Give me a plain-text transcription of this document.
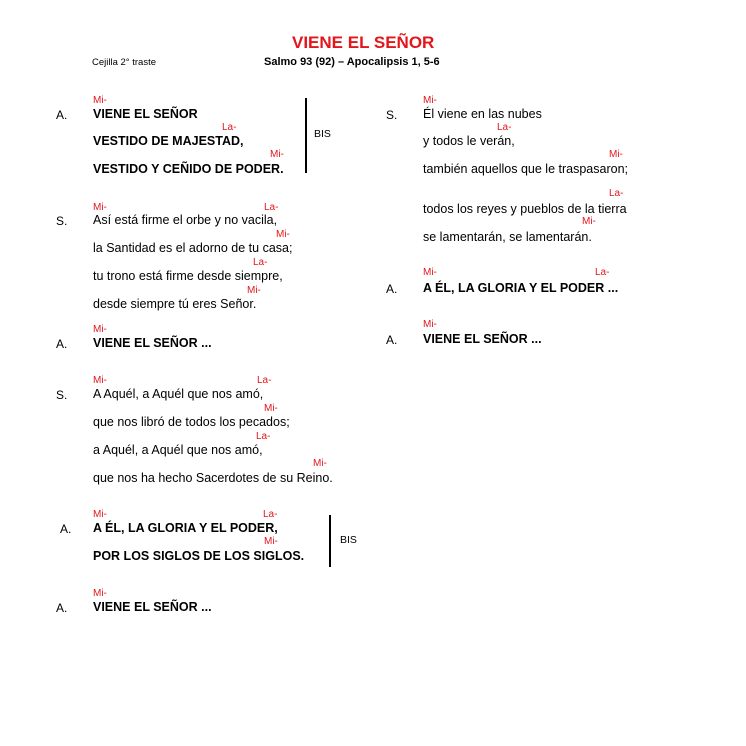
VIENE EL SEÑOR
Cejilla 2° traste	Salmo 93 (92) – Apocalipsis 1, 5-6
Mi-
A. VIENE EL SEÑOR
La-
VESTIDO DE MAJESTAD,
Mi-
VESTIDO Y CEÑIDO DE PODER.
BIS
Mi-	La-
S. Así está firme el orbe y no vacila,
Mi-
la Santidad es el adorno de tu casa;
La-
tu trono está firme desde siempre,
Mi-
desde siempre tú eres Señor.
Mi-
A. VIENE EL SEÑOR ...
Mi-	La-
S. A Aquél, a Aquél que nos amó,
Mi-
que nos libró de todos los pecados;
La-
a Aquél, a Aquél que nos amó,
Mi-
que nos ha hecho Sacerdotes de su Reino.
Mi-	La-
A. A ÉL, LA GLORIA Y EL PODER,
Mi-
POR LOS SIGLOS DE LOS SIGLOS.
BIS
Mi-
A. VIENE EL SEÑOR ...
Mi-
S. Él viene en las nubes
La-
y todos le verán,
Mi-
también aquellos que le traspasaron;
La-
todos los reyes y pueblos de la tierra
Mi-
se lamentarán, se lamentarán.
Mi-	La-
A. A ÉL, LA GLORIA Y EL PODER ...
Mi-
A. VIENE EL SEÑOR ...
